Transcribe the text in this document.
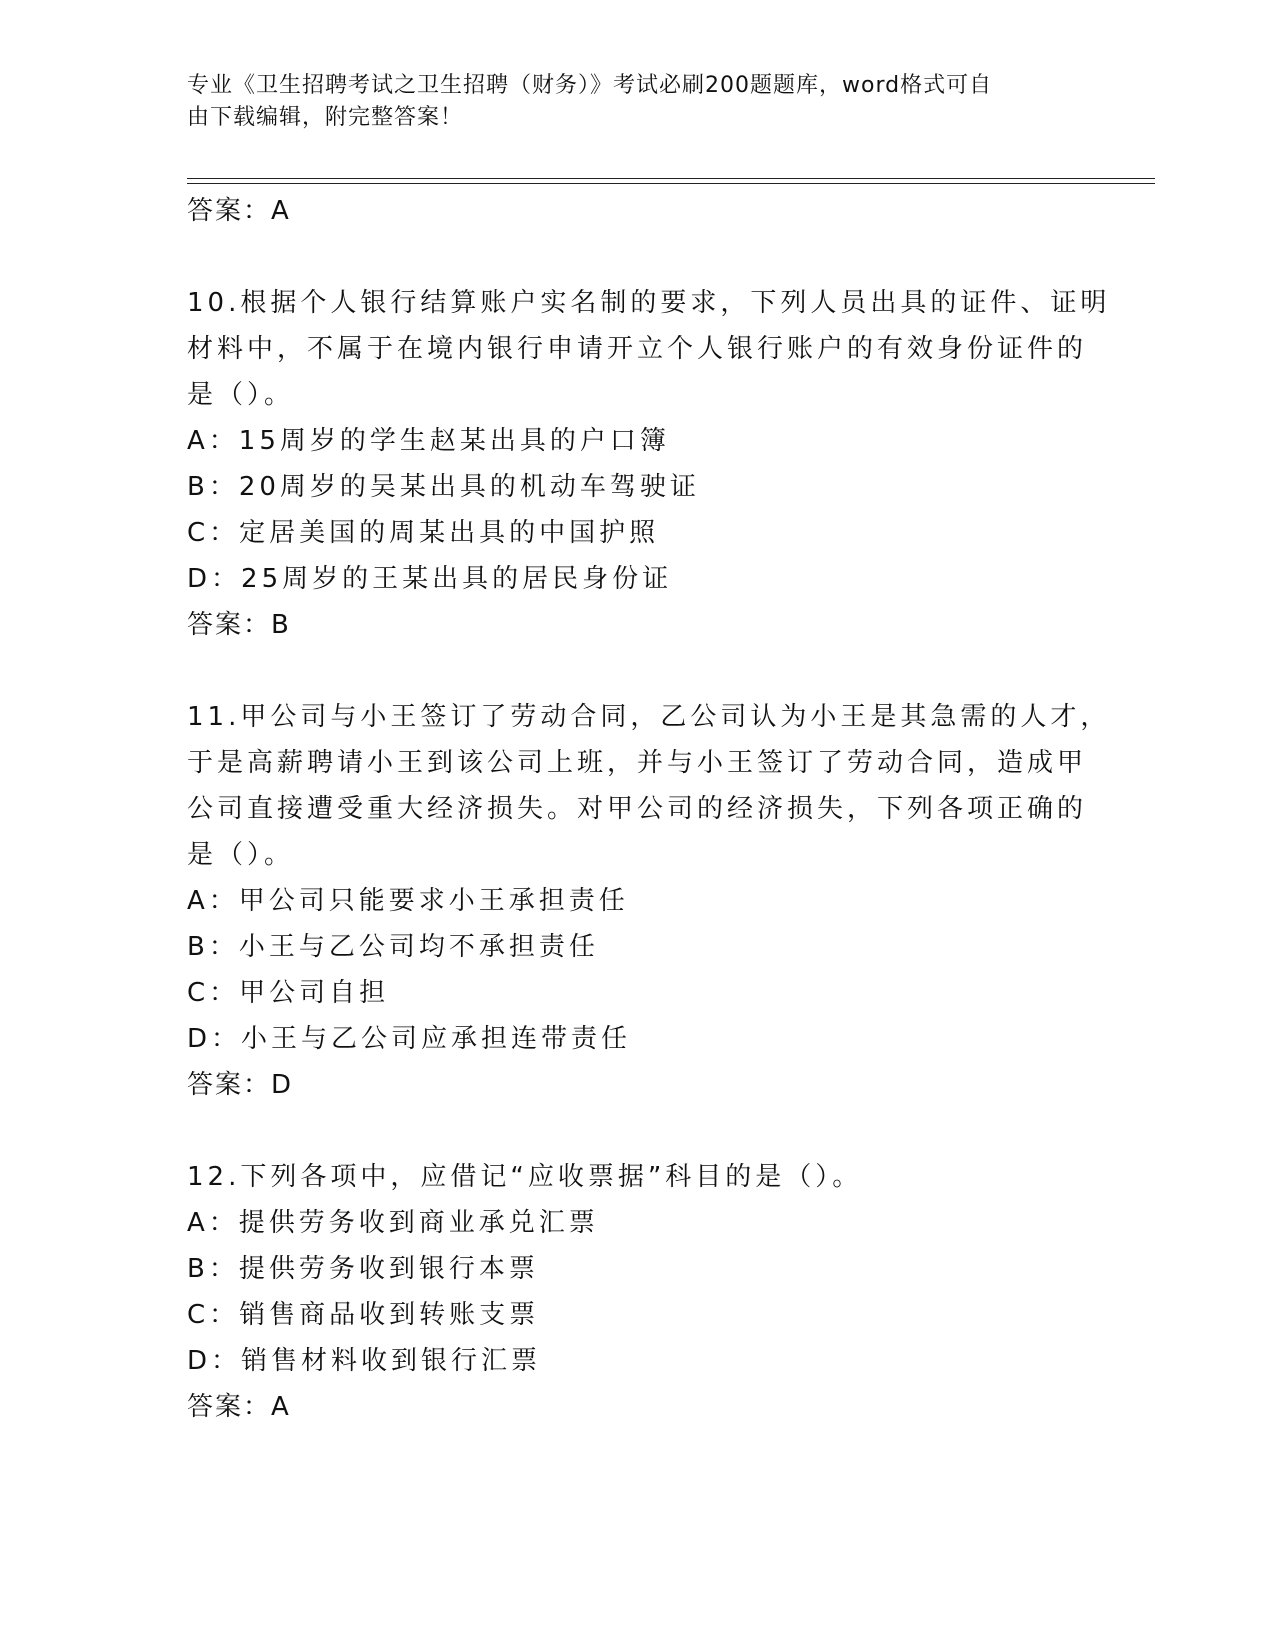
专业《卫生招聘考试之卫生招聘（财务）》考试必刷200题题库，word格式可自
由下载编辑，附完整答案！
答案：A
10.根据个人银行结算账户实名制的要求，下列人员出具的证件、证明
材料中，不属于在境内银行申请开立个人银行账户的有效身份证件的
是（）。
A：15周岁的学生赵某出具的户口簿
B：20周岁的吴某出具的机动车驾驶证
C：定居美国的周某出具的中国护照
D：25周岁的王某出具的居民身份证
答案：B
11.甲公司与小王签订了劳动合同，乙公司认为小王是其急需的人才，
于是高薪聘请小王到该公司上班，并与小王签订了劳动合同，造成甲
公司直接遭受重大经济损失。对甲公司的经济损失，下列各项正确的
是（）。
A：甲公司只能要求小王承担责任
B：小王与乙公司均不承担责任
C：甲公司自担
D：小王与乙公司应承担连带责任
答案：D
12.下列各项中，应借记“应收票据”科目的是（）。
A：提供劳务收到商业承兑汇票
B：提供劳务收到银行本票
C：销售商品收到转账支票
D：销售材料收到银行汇票
答案：A
